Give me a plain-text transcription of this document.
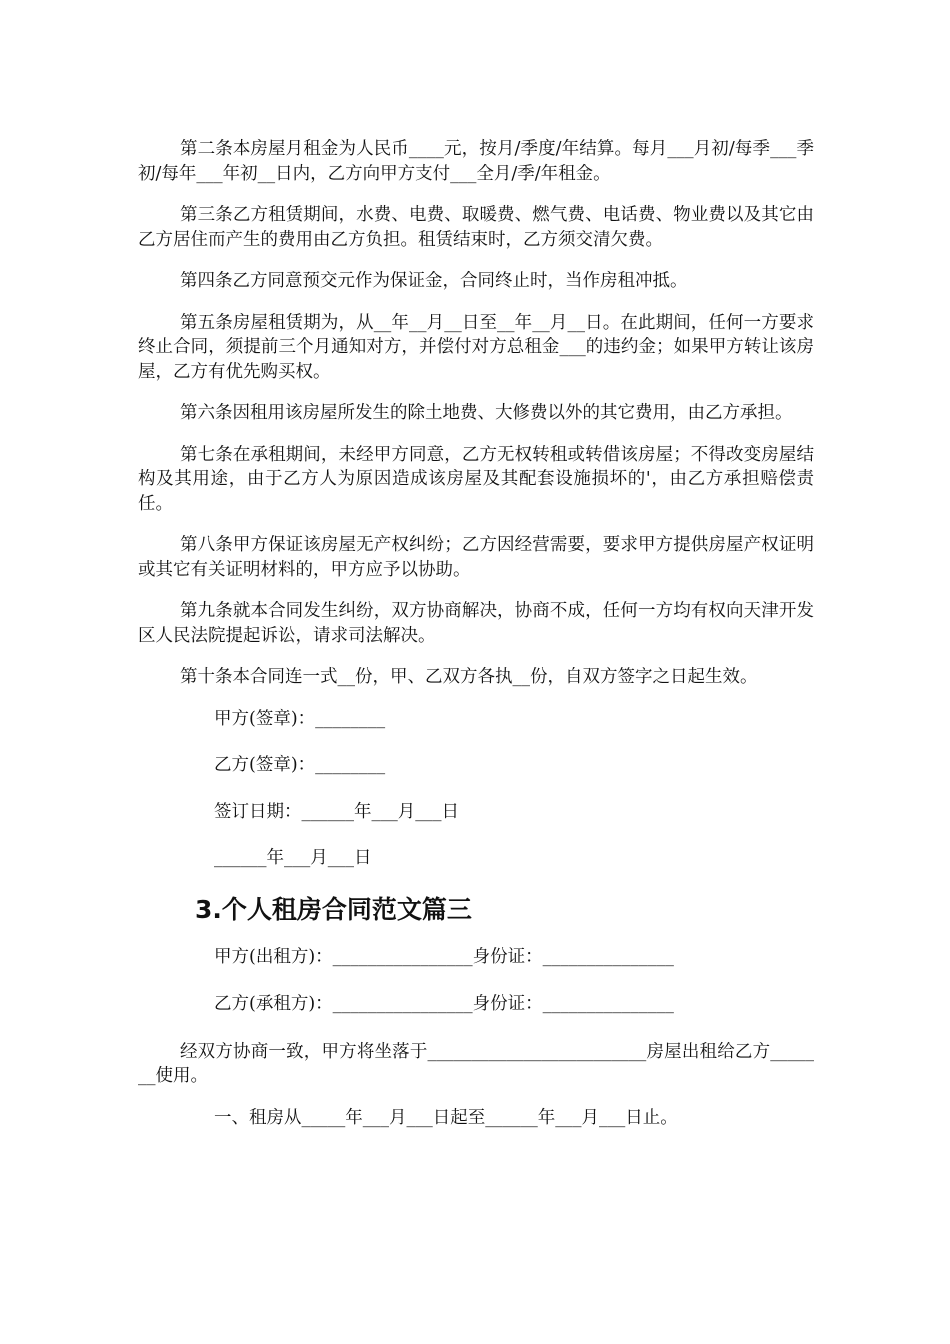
第二条本房屋月租金为人民币____元，按月/季度/年结算。每月___月初/每季___季初/每年___年初__日内，乙方向甲方支付___全月/季/年租金。

第三条乙方租赁期间，水费、电费、取暖费、燃气费、电话费、物业费以及其它由乙方居住而产生的费用由乙方负担。租赁结束时，乙方须交清欠费。

第四条乙方同意预交元作为保证金，合同终止时，当作房租冲抵。

第五条房屋租赁期为，从__年__月__日至__年__月__日。在此期间，任何一方要求终止合同，须提前三个月通知对方，并偿付对方总租金___的违约金；如果甲方转让该房屋，乙方有优先购买权。

第六条因租用该房屋所发生的除土地费、大修费以外的其它费用，由乙方承担。

第七条在承租期间，未经甲方同意，乙方无权转租或转借该房屋；不得改变房屋结构及其用途，由于乙方人为原因造成该房屋及其配套设施损坏的'，由乙方承担赔偿责任。

第八条甲方保证该房屋无产权纠纷；乙方因经营需要，要求甲方提供房屋产权证明或其它有关证明材料的，甲方应予以协助。

第九条就本合同发生纠纷，双方协商解决，协商不成，任何一方均有权向天津开发区人民法院提起诉讼，请求司法解决。

第十条本合同连一式__份，甲、乙双方各执__份，自双方签字之日起生效。

甲方(签章)：________
乙方(签章)：________
签订日期：______年___月___日
______年___月___日
3.个人租房合同范文篇三
甲方(出租方)：________________身份证：_______________
乙方(承租方)：________________身份证：_______________

经双方协商一致，甲方将坐落于_________________________房屋出租给乙方_______使用。

一、租房从_____年___月___日起至______年___月___日止。
